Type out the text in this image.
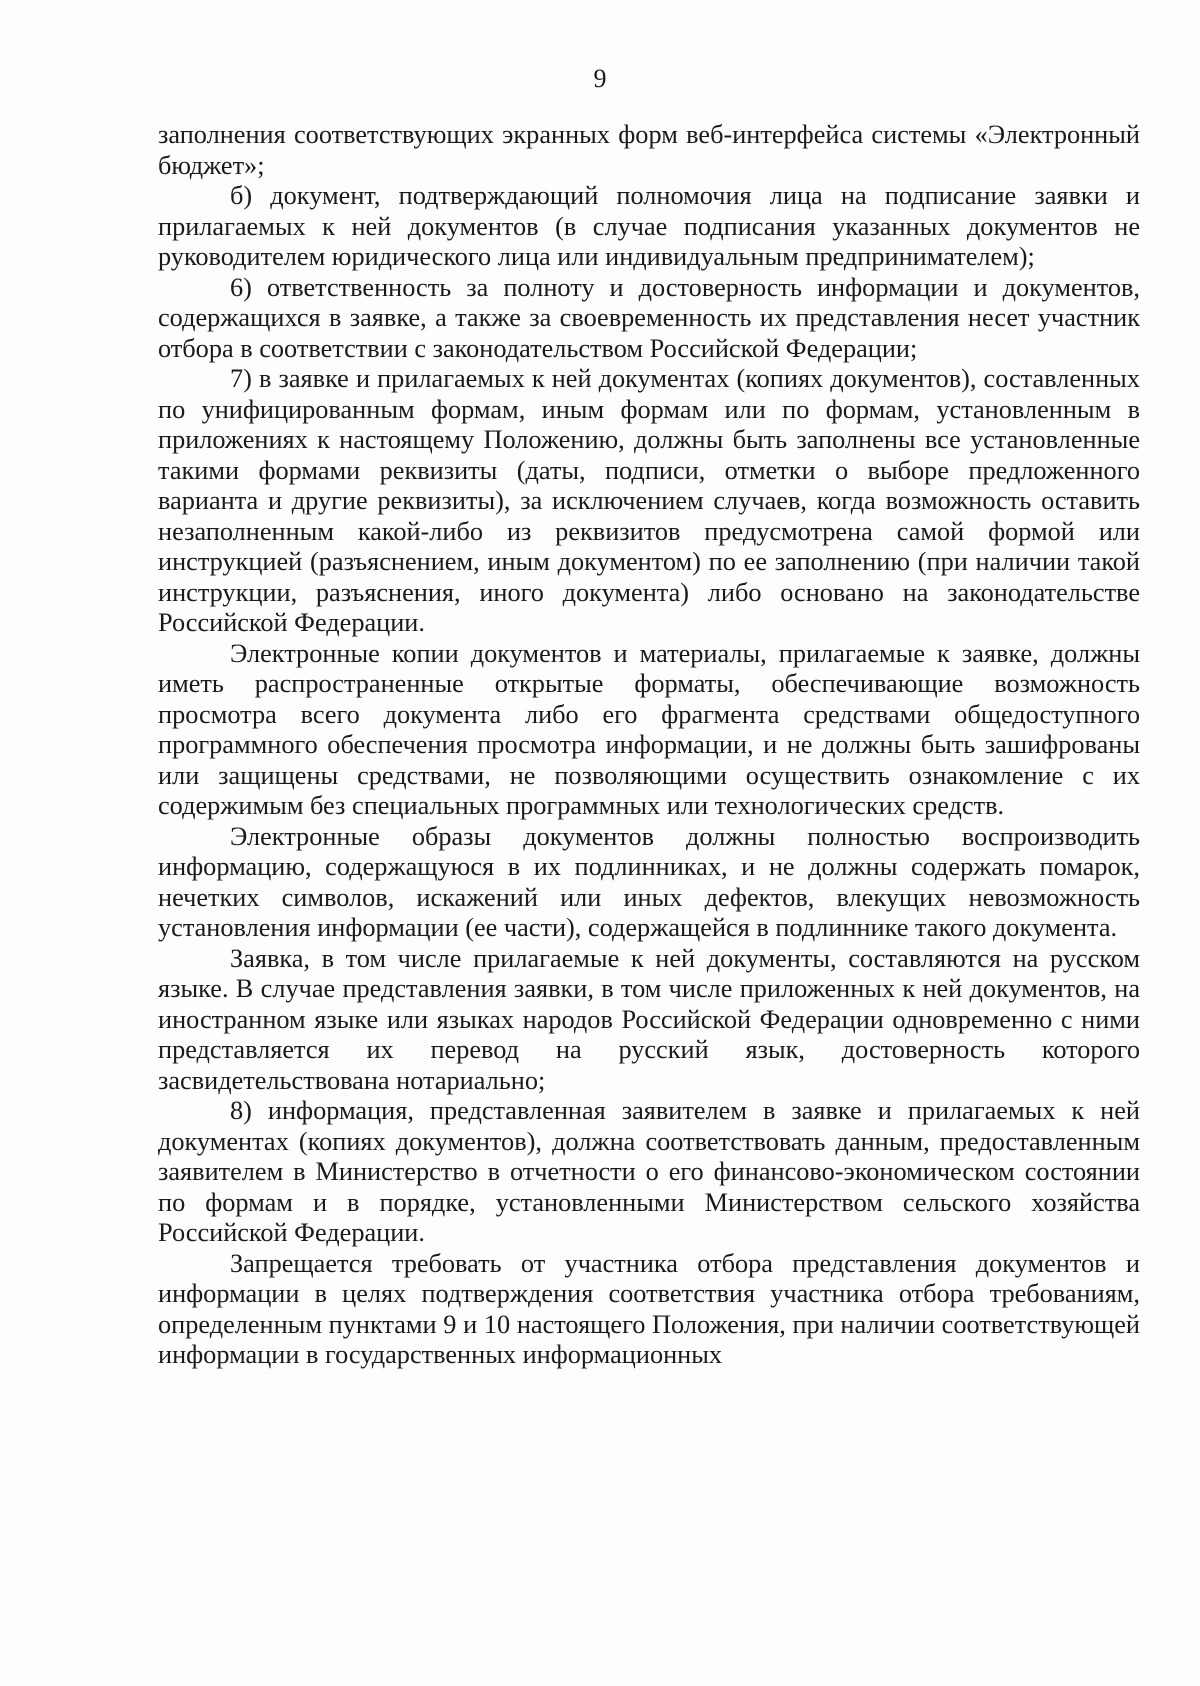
9

заполнения соответствующих экранных форм веб-интерфейса системы «Электронный бюджет»;

б) документ, подтверждающий полномочия лица на подписание заявки и прилагаемых к ней документов (в случае подписания указанных документов не руководителем юридического лица или индивидуальным предпринимателем);

6) ответственность за полноту и достоверность информации и документов, содержащихся в заявке, а также за своевременность их представления несет участник отбора в соответствии с законодательством Российской Федерации;

7) в заявке и прилагаемых к ней документах (копиях документов), составленных по унифицированным формам, иным формам или по формам, установленным в приложениях к настоящему Положению, должны быть заполнены все установленные такими формами реквизиты (даты, подписи, отметки о выборе предложенного варианта и другие реквизиты), за исключением случаев, когда возможность оставить незаполненным какой-либо из реквизитов предусмотрена самой формой или инструкцией (разъяснением, иным документом) по ее заполнению (при наличии такой инструкции, разъяснения, иного документа) либо основано на законодательстве Российской Федерации.

Электронные копии документов и материалы, прилагаемые к заявке, должны иметь распространенные открытые форматы, обеспечивающие возможность просмотра всего документа либо его фрагмента средствами общедоступного программного обеспечения просмотра информации, и не должны быть зашифрованы или защищены средствами, не позволяющими осуществить ознакомление с их содержимым без специальных программных или технологических средств.

Электронные образы документов должны полностью воспроизводить информацию, содержащуюся в их подлинниках, и не должны содержать помарок, нечетких символов, искажений или иных дефектов, влекущих невозможность установления информации (ее части), содержащейся в подлиннике такого документа.

Заявка, в том числе прилагаемые к ней документы, составляются на русском языке. В случае представления заявки, в том числе приложенных к ней документов, на иностранном языке или языках народов Российской Федерации одновременно с ними представляется их перевод на русский язык, достоверность которого засвидетельствована нотариально;

8) информация, представленная заявителем в заявке и прилагаемых к ней документах (копиях документов), должна соответствовать данным, предоставленным заявителем в Министерство в отчетности о его финансово-экономическом состоянии по формам и в порядке, установленными Министерством сельского хозяйства Российской Федерации.

Запрещается требовать от участника отбора представления документов и информации в целях подтверждения соответствия участника отбора требованиям, определенным пунктами 9 и 10 настоящего Положения, при наличии соответствующей информации в государственных информационных
